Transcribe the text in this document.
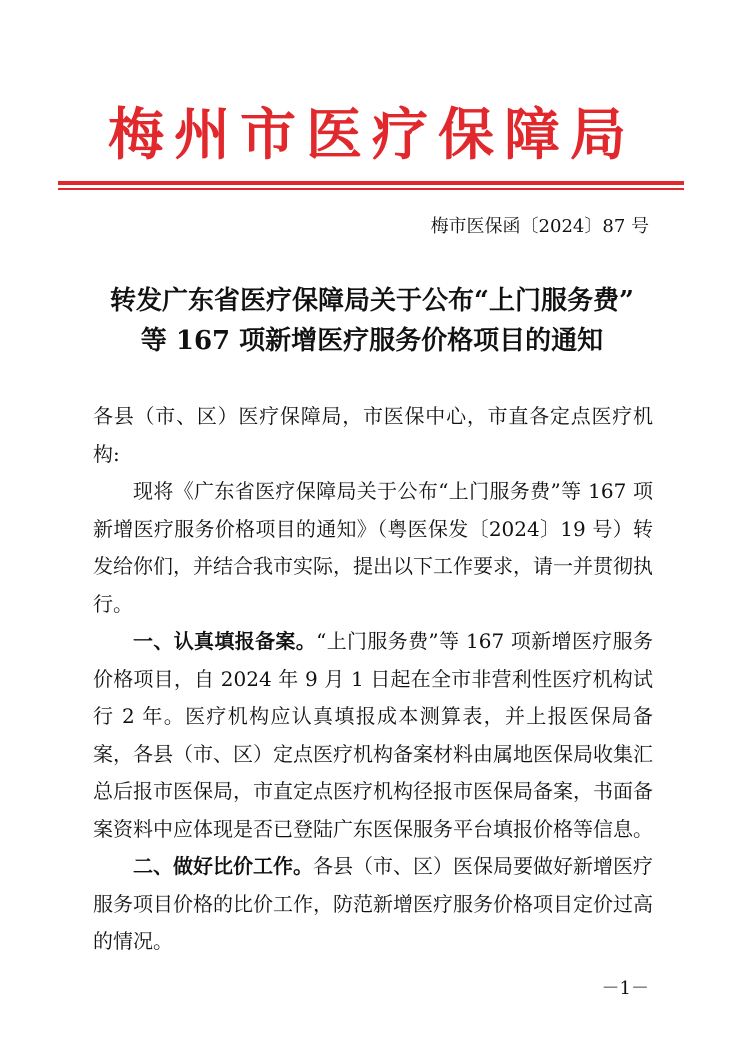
梅州市医疗保障局
梅市医保函〔2024〕87 号
转发广东省医疗保障局关于公布“上门服务费”
等 167 项新增医疗服务价格项目的通知

各县（市、区）医疗保障局，市医保中心，市直各定点医疗机构:

现将《广东省医疗保障局关于公布“上门服务费”等 167 项新增医疗服务价格项目的通知》（粤医保发〔2024〕19 号）转发给你们，并结合我市实际，提出以下工作要求，请一并贯彻执行。

一、认真填报备案。“上门服务费”等 167 项新增医疗服务价格项目，自 2024 年 9 月 1 日起在全市非营利性医疗机构试行 2 年。医疗机构应认真填报成本测算表，并上报医保局备案，各县（市、区）定点医疗机构备案材料由属地医保局收集汇总后报市医保局，市直定点医疗机构径报市医保局备案，书面备案资料中应体现是否已登陆广东医保服务平台填报价格等信息。

二、做好比价工作。各县（市、区）医保局要做好新增医疗服务项目价格的比价工作，防范新增医疗服务价格项目定价过高的情况。

－1－
